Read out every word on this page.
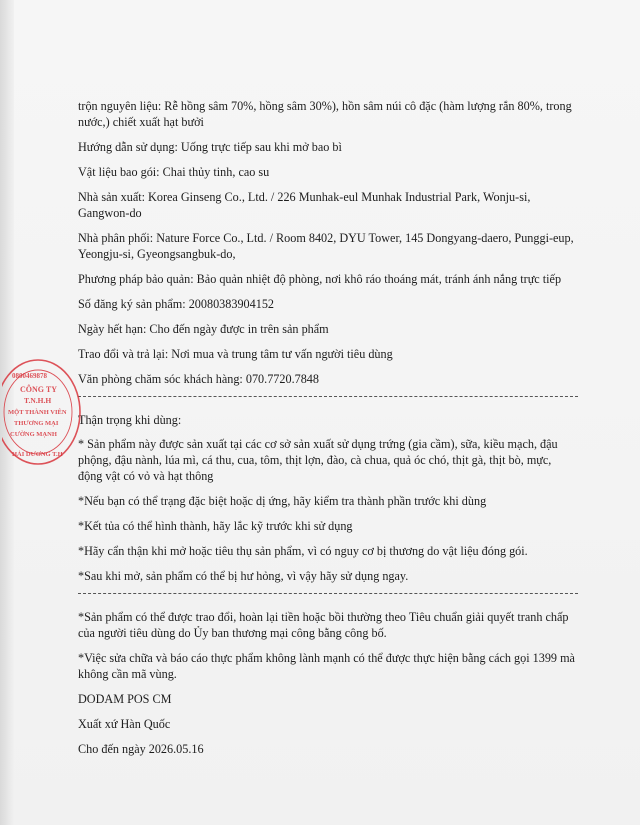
trộn nguyên liệu: Rễ hồng sâm 70%, hồng sâm 30%), hồn sâm núi cô đặc (hàm lượng rắn 80%, trong nước,) chiết xuất hạt bưởi

Hướng dẫn sử dụng: Uống trực tiếp sau khi mở bao bì

Vật liệu bao gói: Chai thủy tinh, cao su

Nhà sản xuất: Korea Ginseng Co., Ltd. / 226 Munhak-eul Munhak Industrial Park, Wonju-si, Gangwon-do

Nhà phân phối: Nature Force Co., Ltd. / Room 8402, DYU Tower, 145 Dongyang-daero, Punggi-eup, Yeongju-si, Gyeongsangbuk-do,

Phương pháp bảo quản: Bảo quản nhiệt độ phòng, nơi khô ráo thoáng mát, tránh ánh nắng trực tiếp

Số đăng ký sản phẩm: 20080383904152

Ngày hết hạn: Cho đến ngày được in trên sản phẩm

Trao đổi và trả lại: Nơi mua và trung tâm tư vấn người tiêu dùng

Văn phòng chăm sóc khách hàng: 070.7720.7848

Thận trọng khi dùng:

* Sản phẩm này được sản xuất tại các cơ sở sản xuất sử dụng trứng (gia cầm), sữa, kiều mạch, đậu phộng, đậu nành, lúa mì, cá thu, cua, tôm, thịt lợn, đào, cà chua, quả óc chó, thịt gà, thịt bò, mực, động vật có vỏ và hạt thông

*Nếu bạn có thể trạng đặc biệt hoặc dị ứng, hãy kiểm tra thành phần trước khi dùng

*Kết tủa có thể hình thành, hãy lắc kỹ trước khi sử dụng

*Hãy cẩn thận khi mở hoặc tiêu thụ sản phẩm, vì có nguy cơ bị thương do vật liệu đóng gói.

*Sau khi mở, sản phẩm có thể bị hư hỏng, vì vậy hãy sử dụng ngay.

*Sản phẩm có thể được trao đổi, hoàn lại tiền hoặc bồi thường theo Tiêu chuẩn giải quyết tranh chấp của người tiêu dùng do Ủy ban thương mại công bằng công bố.

*Việc sửa chữa và báo cáo thực phẩm không lành mạnh có thể được thực hiện bằng cách gọi 1399 mà không cần mã vùng.

DODAM POS CM

Xuất xứ Hàn Quốc

Cho đến ngày 2026.05.16

0800469878
CÔNG TY
T.N.H.H
MỘT THÀNH VIÊN
THƯƠNG MẠI
CƯỜNG MẠNH
HẢI DƯƠNG T.H
